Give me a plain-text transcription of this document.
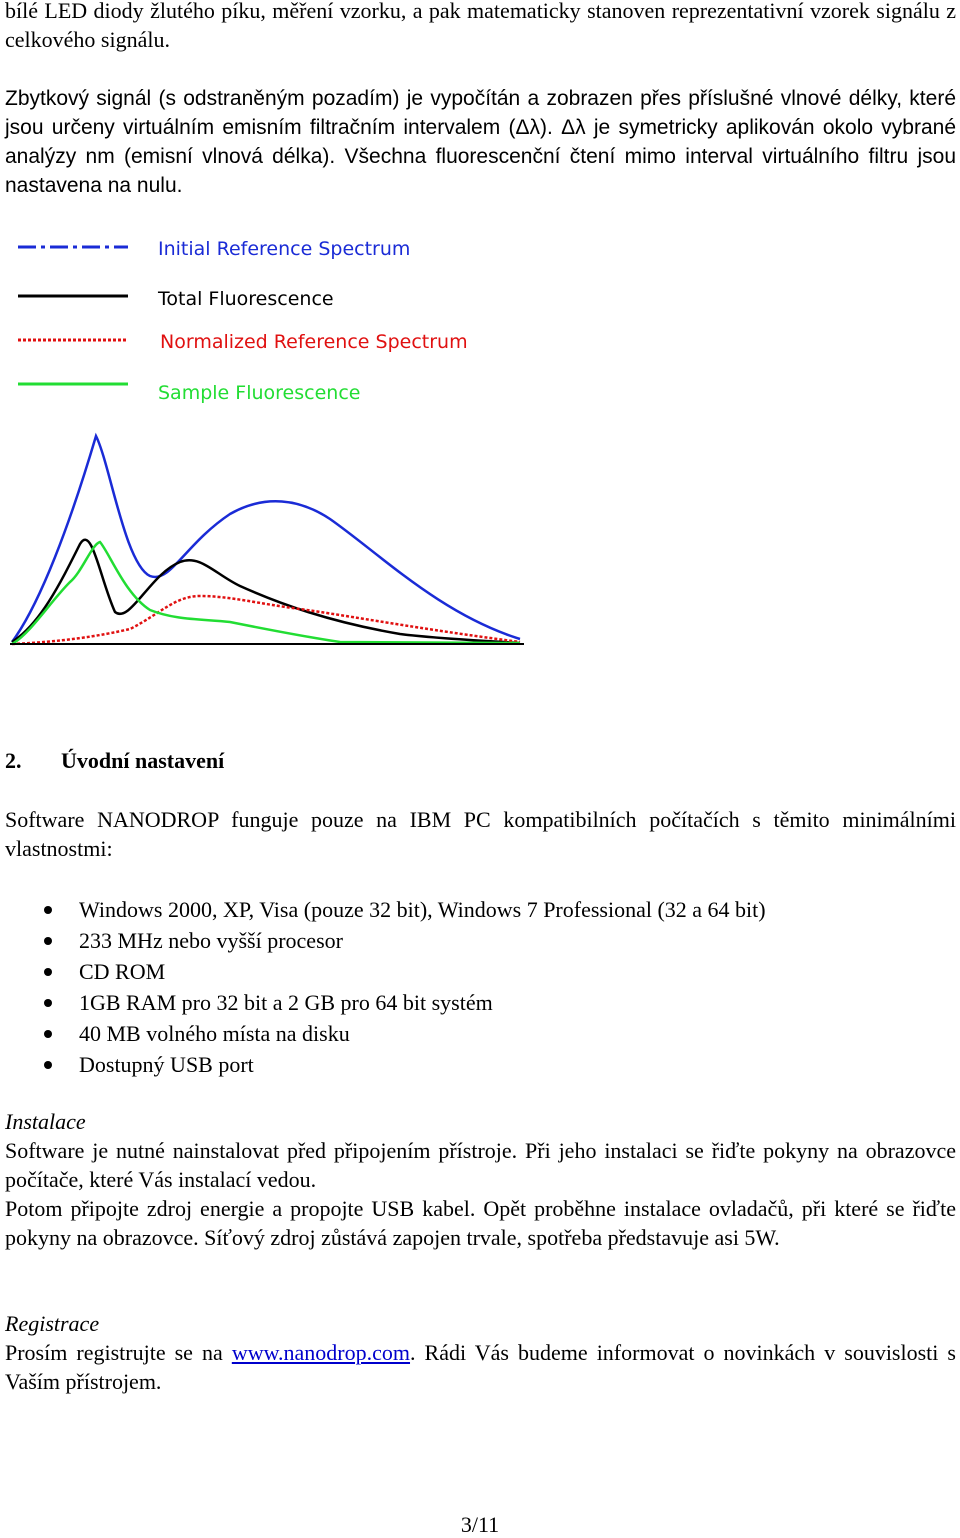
bílé LED diody žlutého píku, měření vzorku, a pak matematicky stanoven reprezentativní vzorek signálu z celkového signálu.

Zbytkový signál (s odstraněným pozadím) je vypočítán a zobrazen přes příslušné vlnové délky, které jsou určeny virtuálním emisním filtračním intervalem (Δλ). Δλ je symetricky aplikován okolo vybrané analýzy nm (emisní vlnová délka). Všechna fluorescenční čtení mimo interval virtuálního filtru jsou nastavena na nulu.

Initial Reference Spectrum
Total Fluorescence
Normalized Reference Spectrum
Sample Fluorescence
2. Úvodní nastavení

Software NANODROP funguje pouze na IBM PC kompatibilních počítačích s těmito minimálními vlastnostmi:

Windows 2000, XP, Visa (pouze 32 bit), Windows 7 Professional (32 a 64 bit)
233 MHz nebo vyšší procesor
CD ROM
1GB RAM pro 32 bit a 2 GB pro 64 bit systém
40 MB volného místa na disku
Dostupný USB port

Instalace

Software je nutné nainstalovat před připojením přístroje. Při jeho instalaci se řiďte pokyny na obrazovce počítače, které Vás instalací vedou.

Potom připojte zdroj energie a propojte USB kabel. Opět proběhne instalace ovladačů, při které se řiďte pokyny na obrazovce. Síťový zdroj zůstává zapojen trvale, spotřeba představuje asi 5W.

Registrace

Prosím registrujte se na www.nanodrop.com. Rádi Vás budeme informovat o novinkách v souvislosti s Vaším přístrojem.

3/11
